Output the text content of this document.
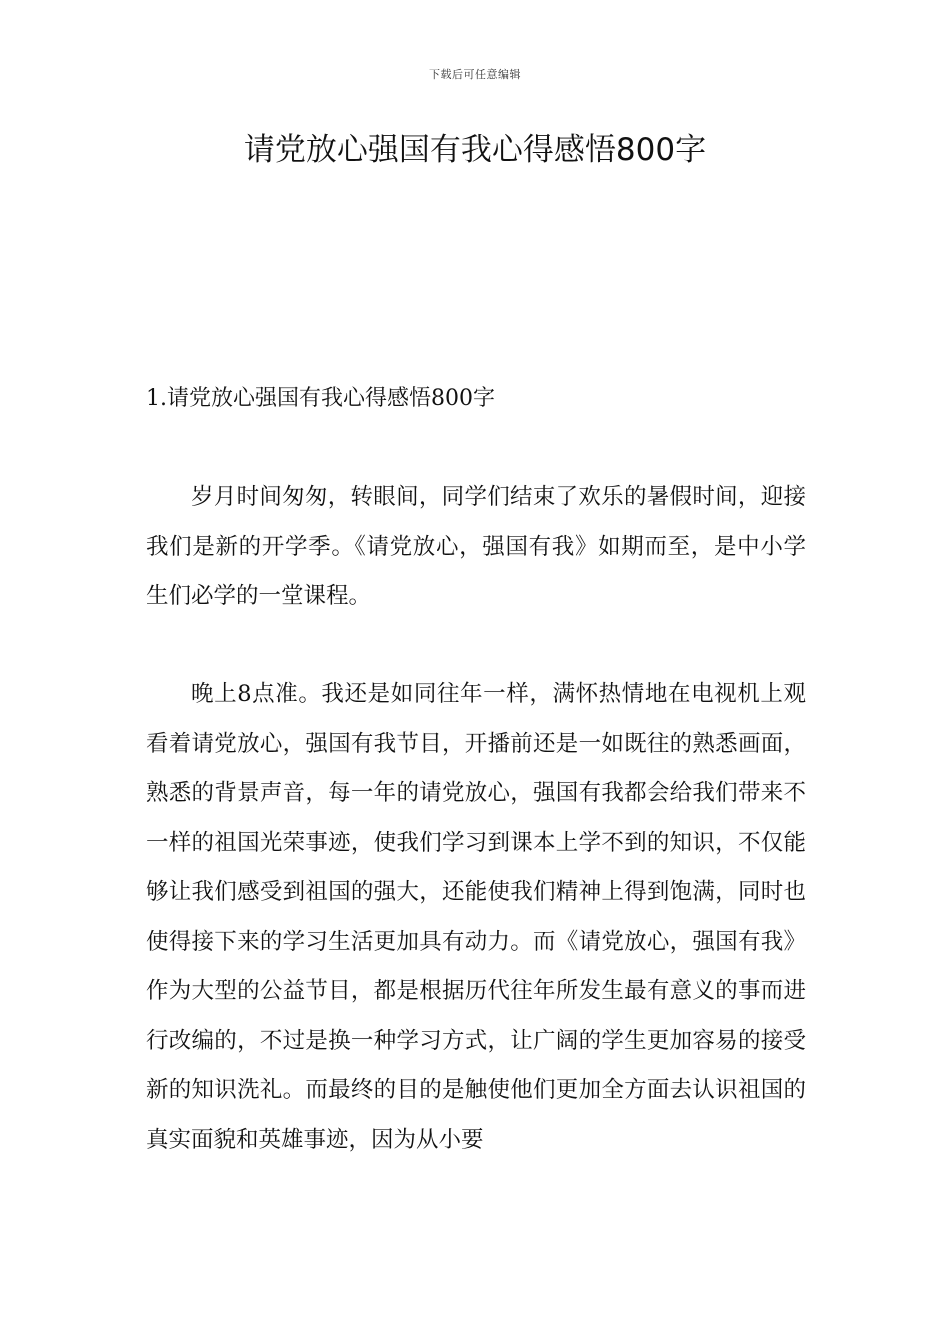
下载后可任意编辑
请党放心强国有我心得感悟800字
1.请党放心强国有我心得感悟800字

岁月时间匆匆，转眼间，同学们结束了欢乐的暑假时间，迎接我们是新的开学季。《请党放心，强国有我》如期而至，是中小学生们必学的一堂课程。

晚上8点准。我还是如同往年一样，满怀热情地在电视机上观看着请党放心，强国有我节目，开播前还是一如既往的熟悉画面，熟悉的背景声音，每一年的请党放心，强国有我都会给我们带来不一样的祖国光荣事迹，使我们学习到课本上学不到的知识，不仅能够让我们感受到祖国的强大，还能使我们精神上得到饱满，同时也使得接下来的学习生活更加具有动力。而《请党放心，强国有我》作为大型的公益节目，都是根据历代往年所发生最有意义的事而进行改编的，不过是换一种学习方式，让广阔的学生更加容易的接受新的知识洗礼。而最终的目的是触使他们更加全方面去认识祖国的真实面貌和英雄事迹，因为从小要
